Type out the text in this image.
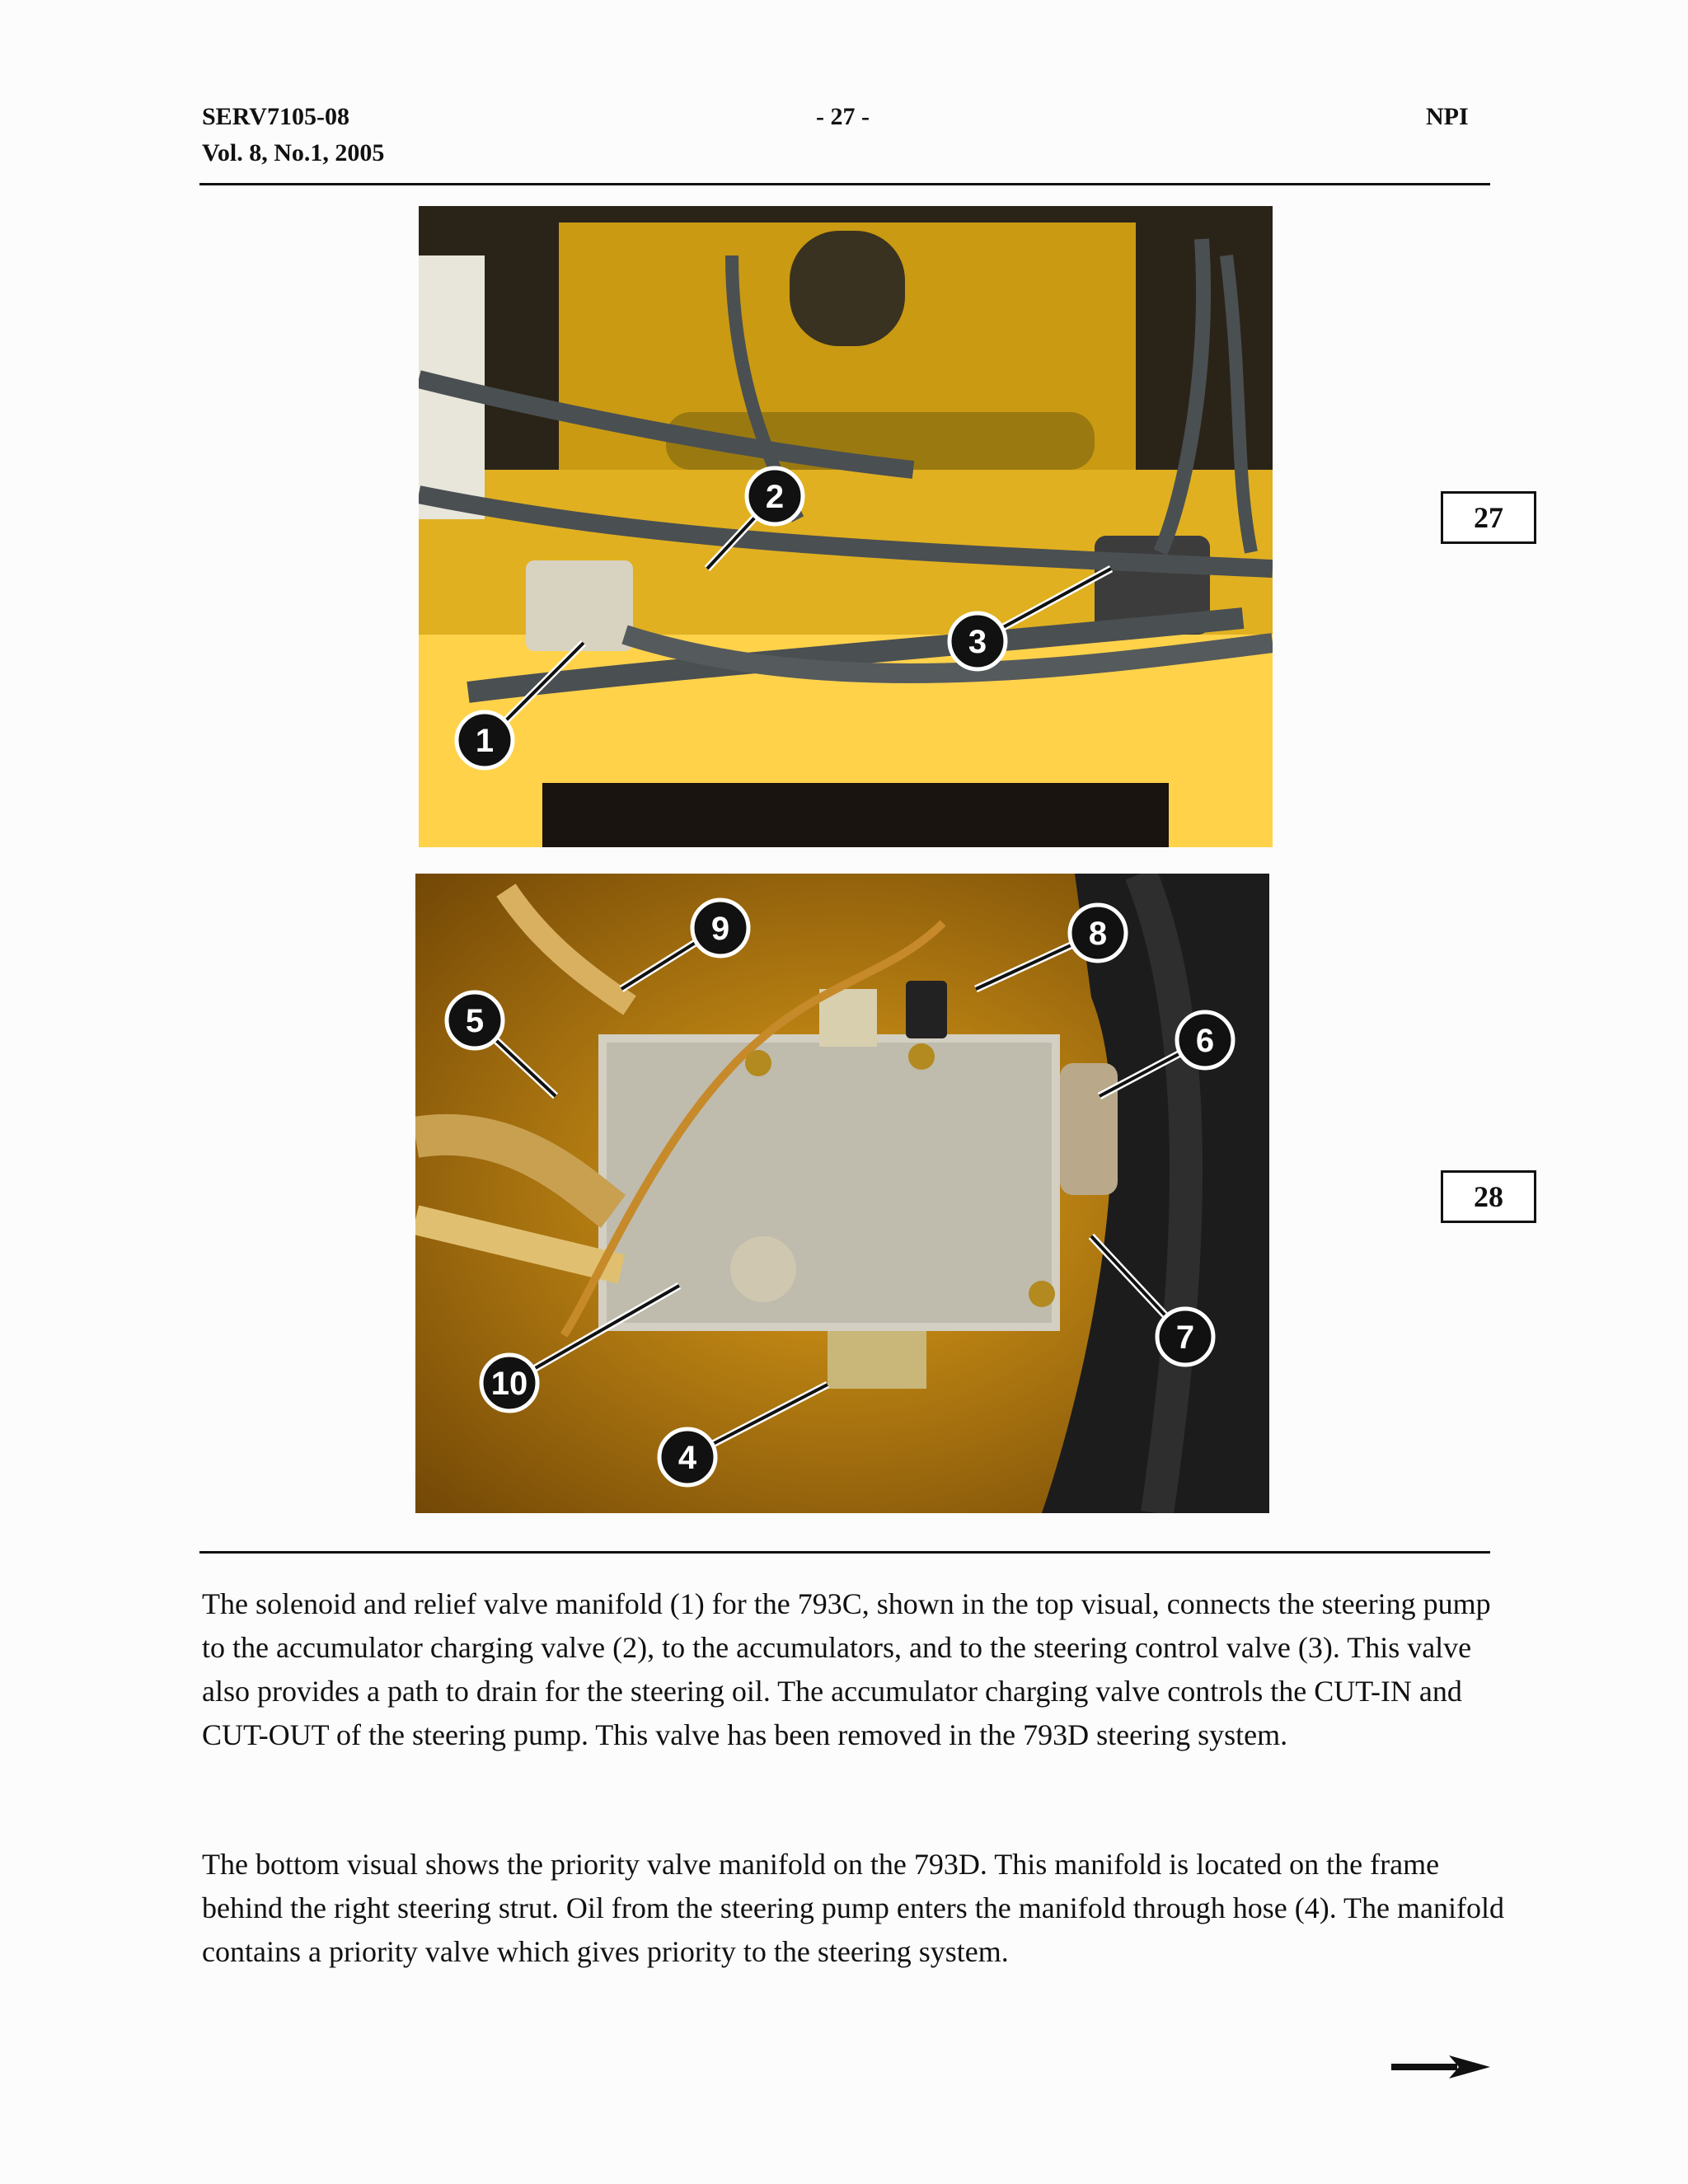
SERV7105-08
Vol. 8, No.1, 2005
- 27 -	NPI
1
2
3
27
9	8
5
6
7
10
4
28

The solenoid and relief valve manifold (1) for the 793C, shown in the top visual, connects the steering pump to the accumulator charging valve (2), to the accumulators, and to the steering control valve (3). This valve also provides a path to drain for the steering oil. The accumulator charging valve controls the CUT-IN and CUT-OUT of the steering pump. This valve has been removed in the 793D steering system.

The bottom visual shows the priority valve manifold on the 793D. This manifold is located on the frame behind the right steering strut. Oil from the steering pump enters the manifold through hose (4). The manifold contains a priority valve which gives priority to the steering system.
